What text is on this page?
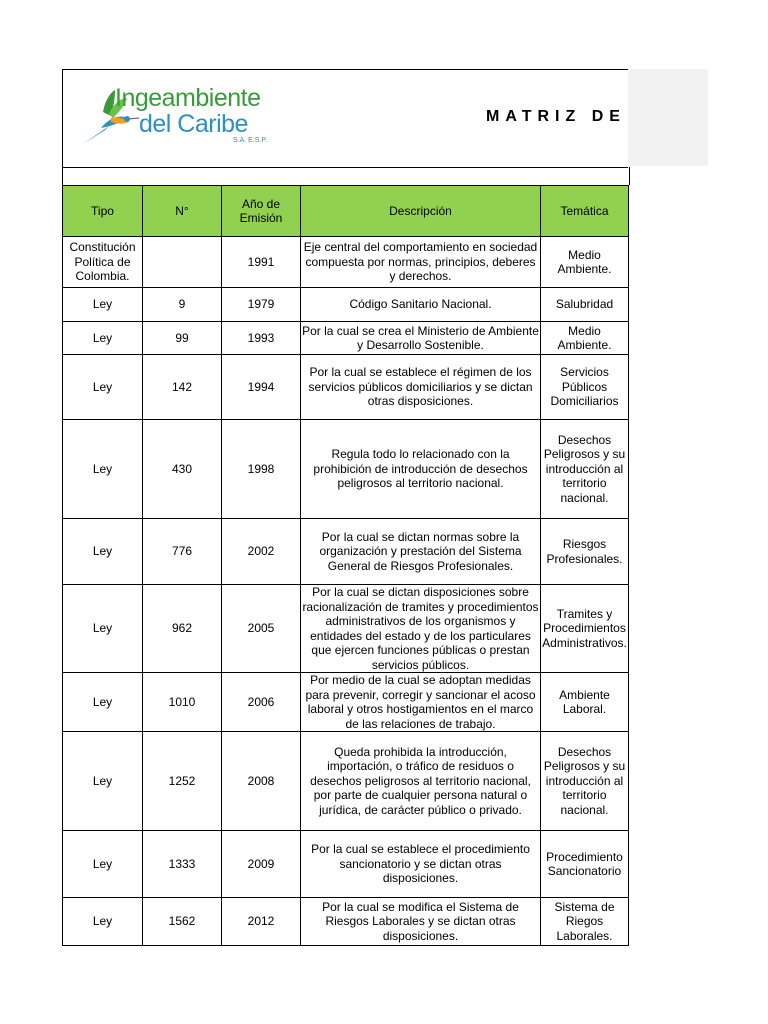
Ingeambiente
del Caribe
S.A. E.S.P.
MATRIZ DE
Tipo	N°	Año de Emisión	Descripción	Temática
Constitución Política de Colombia.		1991	Eje central del comportamiento en sociedad compuesta por normas, principios, deberes y derechos.	Medio Ambiente.
Ley	9	1979	Código Sanitario Nacional.	Salubridad
Ley	99	1993	Por la cual se crea el Ministerio de Ambiente y Desarrollo Sostenible.	Medio Ambiente.
Ley	142	1994	Por la cual se establece el régimen de los servicios públicos domiciliarios y se dictan otras disposiciones.	Servicios Públicos Domiciliarios
Ley	430	1998	Regula todo lo relacionado con la prohibición de introducción de desechos peligrosos al territorio nacional.	Desechos Peligrosos y su introducción al territorio nacional.
Ley	776	2002	Por la cual se dictan normas sobre la organización y prestación del Sistema General de Riesgos Profesionales.	Riesgos Profesionales.
Ley	962	2005	Por la cual se dictan disposiciones sobre racionalización de tramites y procedimientos administrativos de los organismos y entidades del estado y de los particulares que ejercen funciones públicas o prestan servicios públicos.	Tramites y Procedimientos Administrativos.
Ley	1010	2006	Por medio de la cual se adoptan medidas para prevenir, corregir y sancionar el acoso laboral y otros hostigamientos en el marco de las relaciones de trabajo.	Ambiente Laboral.
Ley	1252	2008	Queda prohibida la introducción, importación, o tráfico de residuos o desechos peligrosos al territorio nacional, por parte de cualquier persona natural o jurídica, de carácter público o privado.	Desechos Peligrosos y su introducción al territorio nacional.
Ley	1333	2009	Por la cual se establece el procedimiento sancionatorio y se dictan otras disposiciones.	Procedimiento Sancionatorio
Ley	1562	2012	Por la cual se modifica el Sistema de Riesgos Laborales y se dictan otras disposiciones.	Sistema de Riegos Laborales.
